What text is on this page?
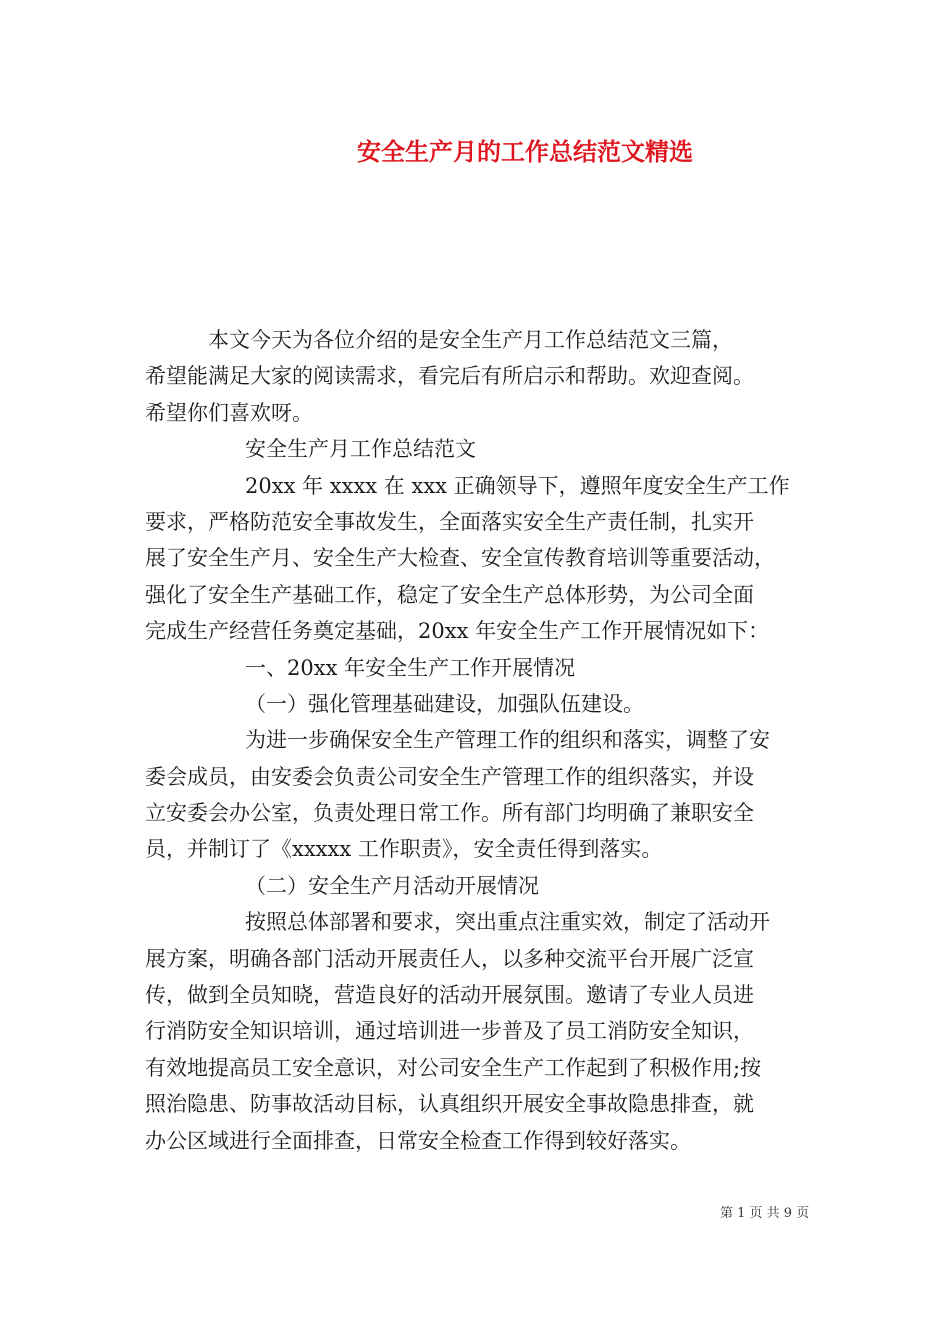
安全生产月的工作总结范文精选
本文今天为各位介绍的是安全生产月工作总结范文三篇，
希望能满足大家的阅读需求，看完后有所启示和帮助。欢迎查阅。
希望你们喜欢呀。
安全生产月工作总结范文
20xx 年 xxxx 在 xxx 正确领导下，遵照年度安全生产工作
要求，严格防范安全事故发生，全面落实安全生产责任制，扎实开
展了安全生产月、安全生产大检查、安全宣传教育培训等重要活动，
强化了安全生产基础工作，稳定了安全生产总体形势，为公司全面
完成生产经营任务奠定基础，20xx 年安全生产工作开展情况如下：
一、20xx 年安全生产工作开展情况
（一）强化管理基础建设，加强队伍建设。
为进一步确保安全生产管理工作的组织和落实，调整了安
委会成员，由安委会负责公司安全生产管理工作的组织落实，并设
立安委会办公室，负责处理日常工作。所有部门均明确了兼职安全
员，并制订了《xxxxx 工作职责》，安全责任得到落实。
（二）安全生产月活动开展情况
按照总体部署和要求，突出重点注重实效，制定了活动开
展方案，明确各部门活动开展责任人，以多种交流平台开展广泛宣
传，做到全员知晓，营造良好的活动开展氛围。邀请了专业人员进
行消防安全知识培训，通过培训进一步普及了员工消防安全知识，
有效地提高员工安全意识，对公司安全生产工作起到了积极作用;按
照治隐患、防事故活动目标，认真组织开展安全事故隐患排查，就
办公区域进行全面排查，日常安全检查工作得到较好落实。
第 1 页 共 9 页
